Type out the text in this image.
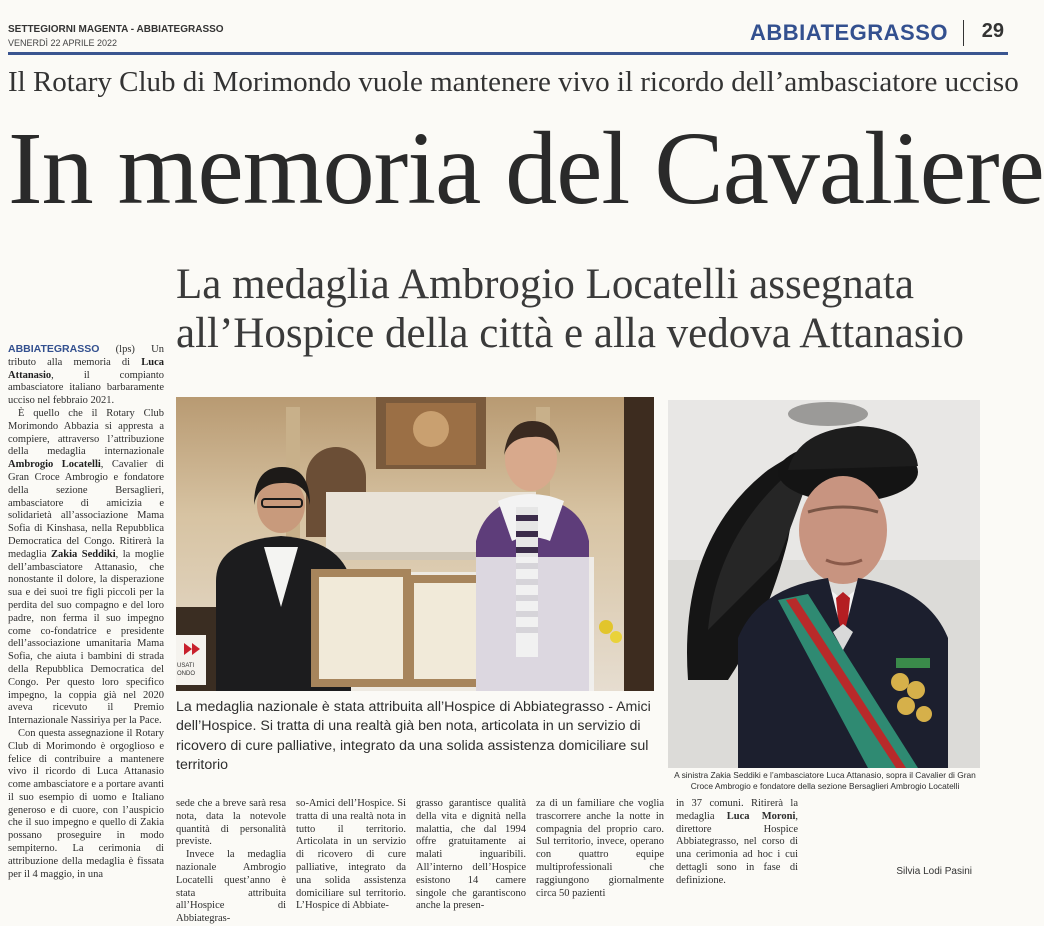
SETTEGIORNI MAGENTA - ABBIATEGRASSO
VENERDÌ 22 APRILE 2022	ABBIATEGRASSO 29
Il Rotary Club di Morimondo vuole mantenere vivo il ricordo dell’ambasciatore ucciso
In memoria del Cavaliere
La medaglia Ambrogio Locatelli assegnata
all’Hospice della città e alla vedova Attanasio

ABBIATEGRASSO (lps) Un tributo alla memoria di Luca Attanasio, il compianto ambasciatore italiano barbaramente ucciso nel febbraio 2021.

È quello che il Rotary Club Morimondo Abbazia si appresta a compiere, attraverso l’attribuzione della medaglia internazionale Ambrogio Locatelli, Cavalier di Gran Croce Ambrogio e fondatore della sezione Bersaglieri, ambasciatore di amicizia e solidarietà all’associazione Mama Sofia di Kinshasa, nella Repubblica Democratica del Congo. Ritirerà la medaglia Zakia Seddiki, la moglie dell’ambasciatore Attanasio, che nonostante il dolore, la disperazione sua e dei suoi tre figli piccoli per la perdita del suo compagno e del loro padre, non ferma il suo impegno come co-fondatrice e presidente dell’associazione umanitaria Mama Sofia, che aiuta i bambini di strada della Repubblica Democratica del Congo. Per questo loro specifico impegno, la coppia già nel 2020 aveva ricevuto il Premio Internazionale Nassiriya per la Pace.

Con questa assegnazione il Rotary Club di Morimondo è orgoglioso e felice di contribuire a mantenere vivo il ricordo di Luca Attanasio come ambasciatore e a portare avanti il suo esempio di uomo e Italiano generoso e di cuore, con l’auspicio che il suo impegno e quello di Zakia possano proseguire in modo sempiterno. La cerimonia di attribuzione della medaglia è fissata per il 4 maggio, in una

USATI
ONDO
La medaglia nazionale è stata attribuita all’Hospice di Abbiategrasso - Amici dell’Hospice. Si tratta di una realtà già ben nota, articolata in un servizio di ricovero di cure palliative, integrato da una solida assistenza domiciliare sul territorio
A sinistra Zakia Seddiki e l’ambasciatore Luca Attanasio, sopra il Cavalier di Gran Croce Ambrogio e fondatore della sezione Bersaglieri Ambrogio Locatelli

sede che a breve sarà resa nota, data la notevole quantità di personalità previste.

Invece la medaglia nazionale Ambrogio Locatelli quest’anno è stata attribuita all’Hospice di Abbiategras-

so-Amici dell’Hospice. Si tratta di una realtà nota in tutto il territorio. Articolata in un servizio di ricovero di cure palliative, integrato da una solida assistenza domiciliare sul territorio. L’Hospice di Abbiate-

grasso garantisce qualità della vita e dignità nella malattia, che dal 1994 offre gratuitamente ai malati inguaribili. All’interno dell’Hospice esistono 14 camere singole che garantiscono anche la presen-

za di un familiare che voglia trascorrere anche la notte in compagnia del proprio caro. Sul territorio, invece, operano con quattro equipe multiprofessionali che raggiungono giornalmente circa 50 pazienti

in 37 comuni. Ritirerà la medaglia Luca Moroni, direttore Hospice Abbiategrasso, nel corso di una cerimonia ad hoc i cui dettagli sono in fase di definizione.

Silvia Lodi Pasini
